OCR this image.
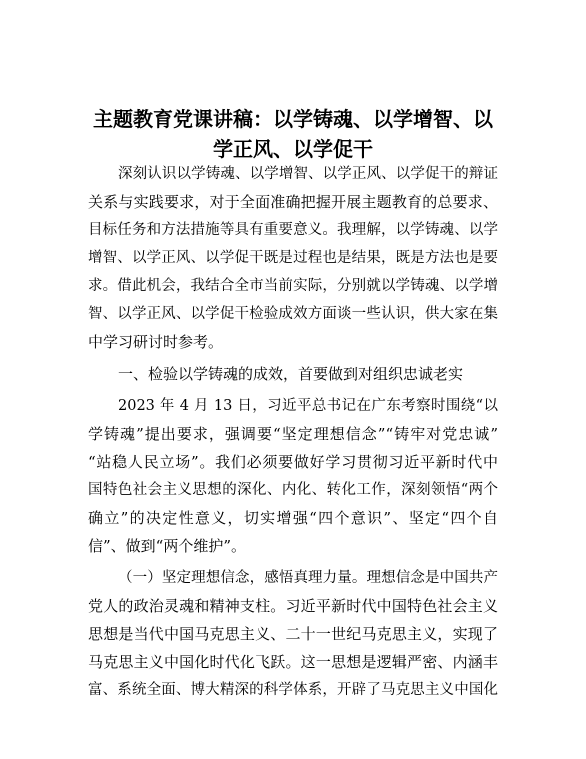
主题教育党课讲稿：以学铸魂、以学增智、以
学正风、以学促干
深刻认识以学铸魂、以学增智、以学正风、以学促干的辩证
关系与实践要求，对于全面准确把握开展主题教育的总要求、
目标任务和方法措施等具有重要意义。我理解，以学铸魂、以学
增智、以学正风、以学促干既是过程也是结果，既是方法也是要
求。借此机会，我结合全市当前实际，分别就以学铸魂、以学增
智、以学正风、以学促干检验成效方面谈一些认识，供大家在集
中学习研讨时参考。
一、检验以学铸魂的成效，首要做到对组织忠诚老实
2023 年 4 月 13 日，习近平总书记在广东考察时围绕“以
学铸魂”提出要求，强调要“坚定理想信念”“铸牢对党忠诚”
“站稳人民立场”。我们必须要做好学习贯彻习近平新时代中
国特色社会主义思想的深化、内化、转化工作，深刻领悟“两个
确立”的决定性意义，切实增强“四个意识”、坚定“四个自
信”、做到“两个维护”。
（一）坚定理想信念，感悟真理力量。理想信念是中国共产
党人的政治灵魂和精神支柱。习近平新时代中国特色社会主义
思想是当代中国马克思主义、二十一世纪马克思主义，实现了
马克思主义中国化时代化飞跃。这一思想是逻辑严密、内涵丰
富、系统全面、博大精深的科学体系，开辟了马克思主义中国化
